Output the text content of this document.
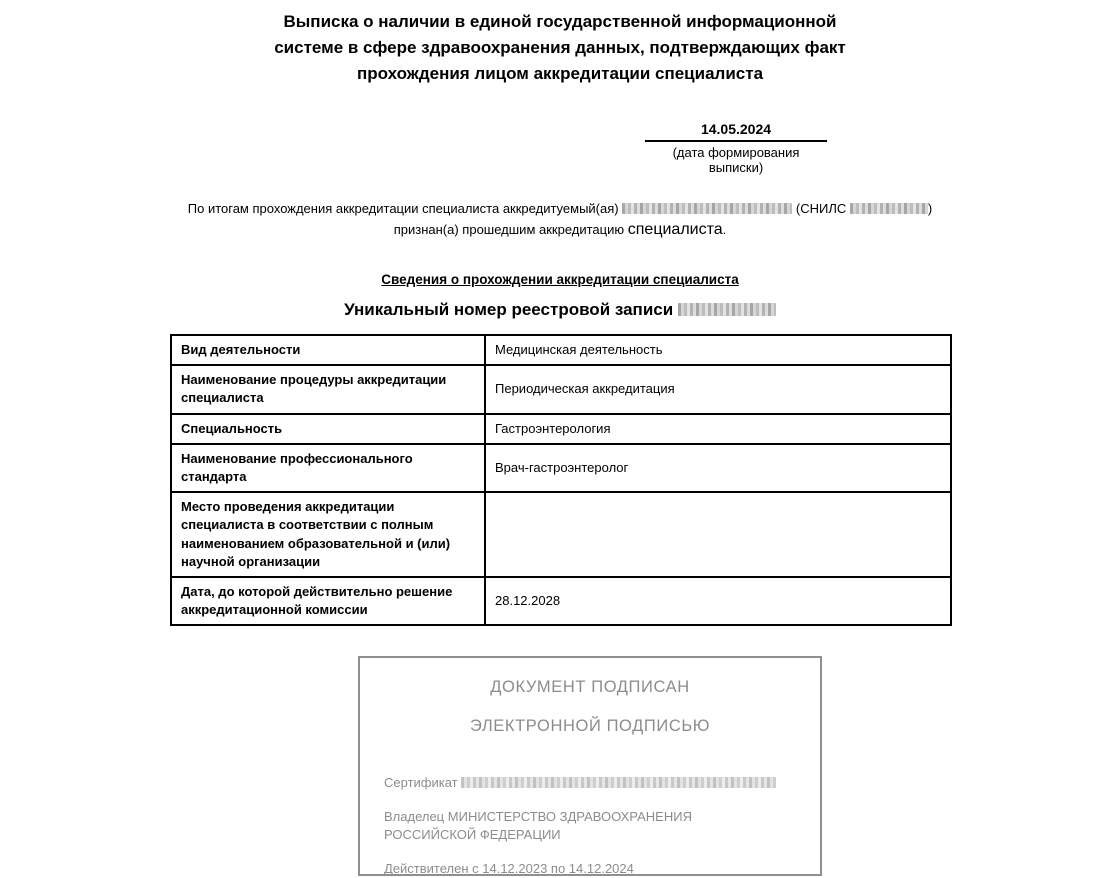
Выписка о наличии в единой государственной информационной системе в сфере здравоохранения данных, подтверждающих факт прохождения лицом аккредитации специалиста
14.05.2024
(дата формирования выписки)
По итогам прохождения аккредитации специалиста аккредитуемый(ая)	(СНИЛС	)
признан(а) прошедшим аккредитацию специалиста.
Сведения о прохождении аккредитации специалиста
Уникальный номер реестровой записи
Вид деятельности	Медицинская деятельность
Наименование процедуры аккредитации специалиста	Периодическая аккредитация
Специальность	Гастроэнтерология
Наименование профессионального стандарта	Врач-гастроэнтеролог
Место проведения аккредитации специалиста в соответствии с полным наименованием образовательной и (или) научной организации	
Дата, до которой действительно решение аккредитационной комиссии	28.12.2028
ДОКУМЕНТ ПОДПИСАН
ЭЛЕКТРОННОЙ ПОДПИСЬЮ
Сертификат
Владелец МИНИСТЕРСТВО ЗДРАВООХРАНЕНИЯ РОССИЙСКОЙ ФЕДЕРАЦИИ
Действителен с 14.12.2023 по 14.12.2024
